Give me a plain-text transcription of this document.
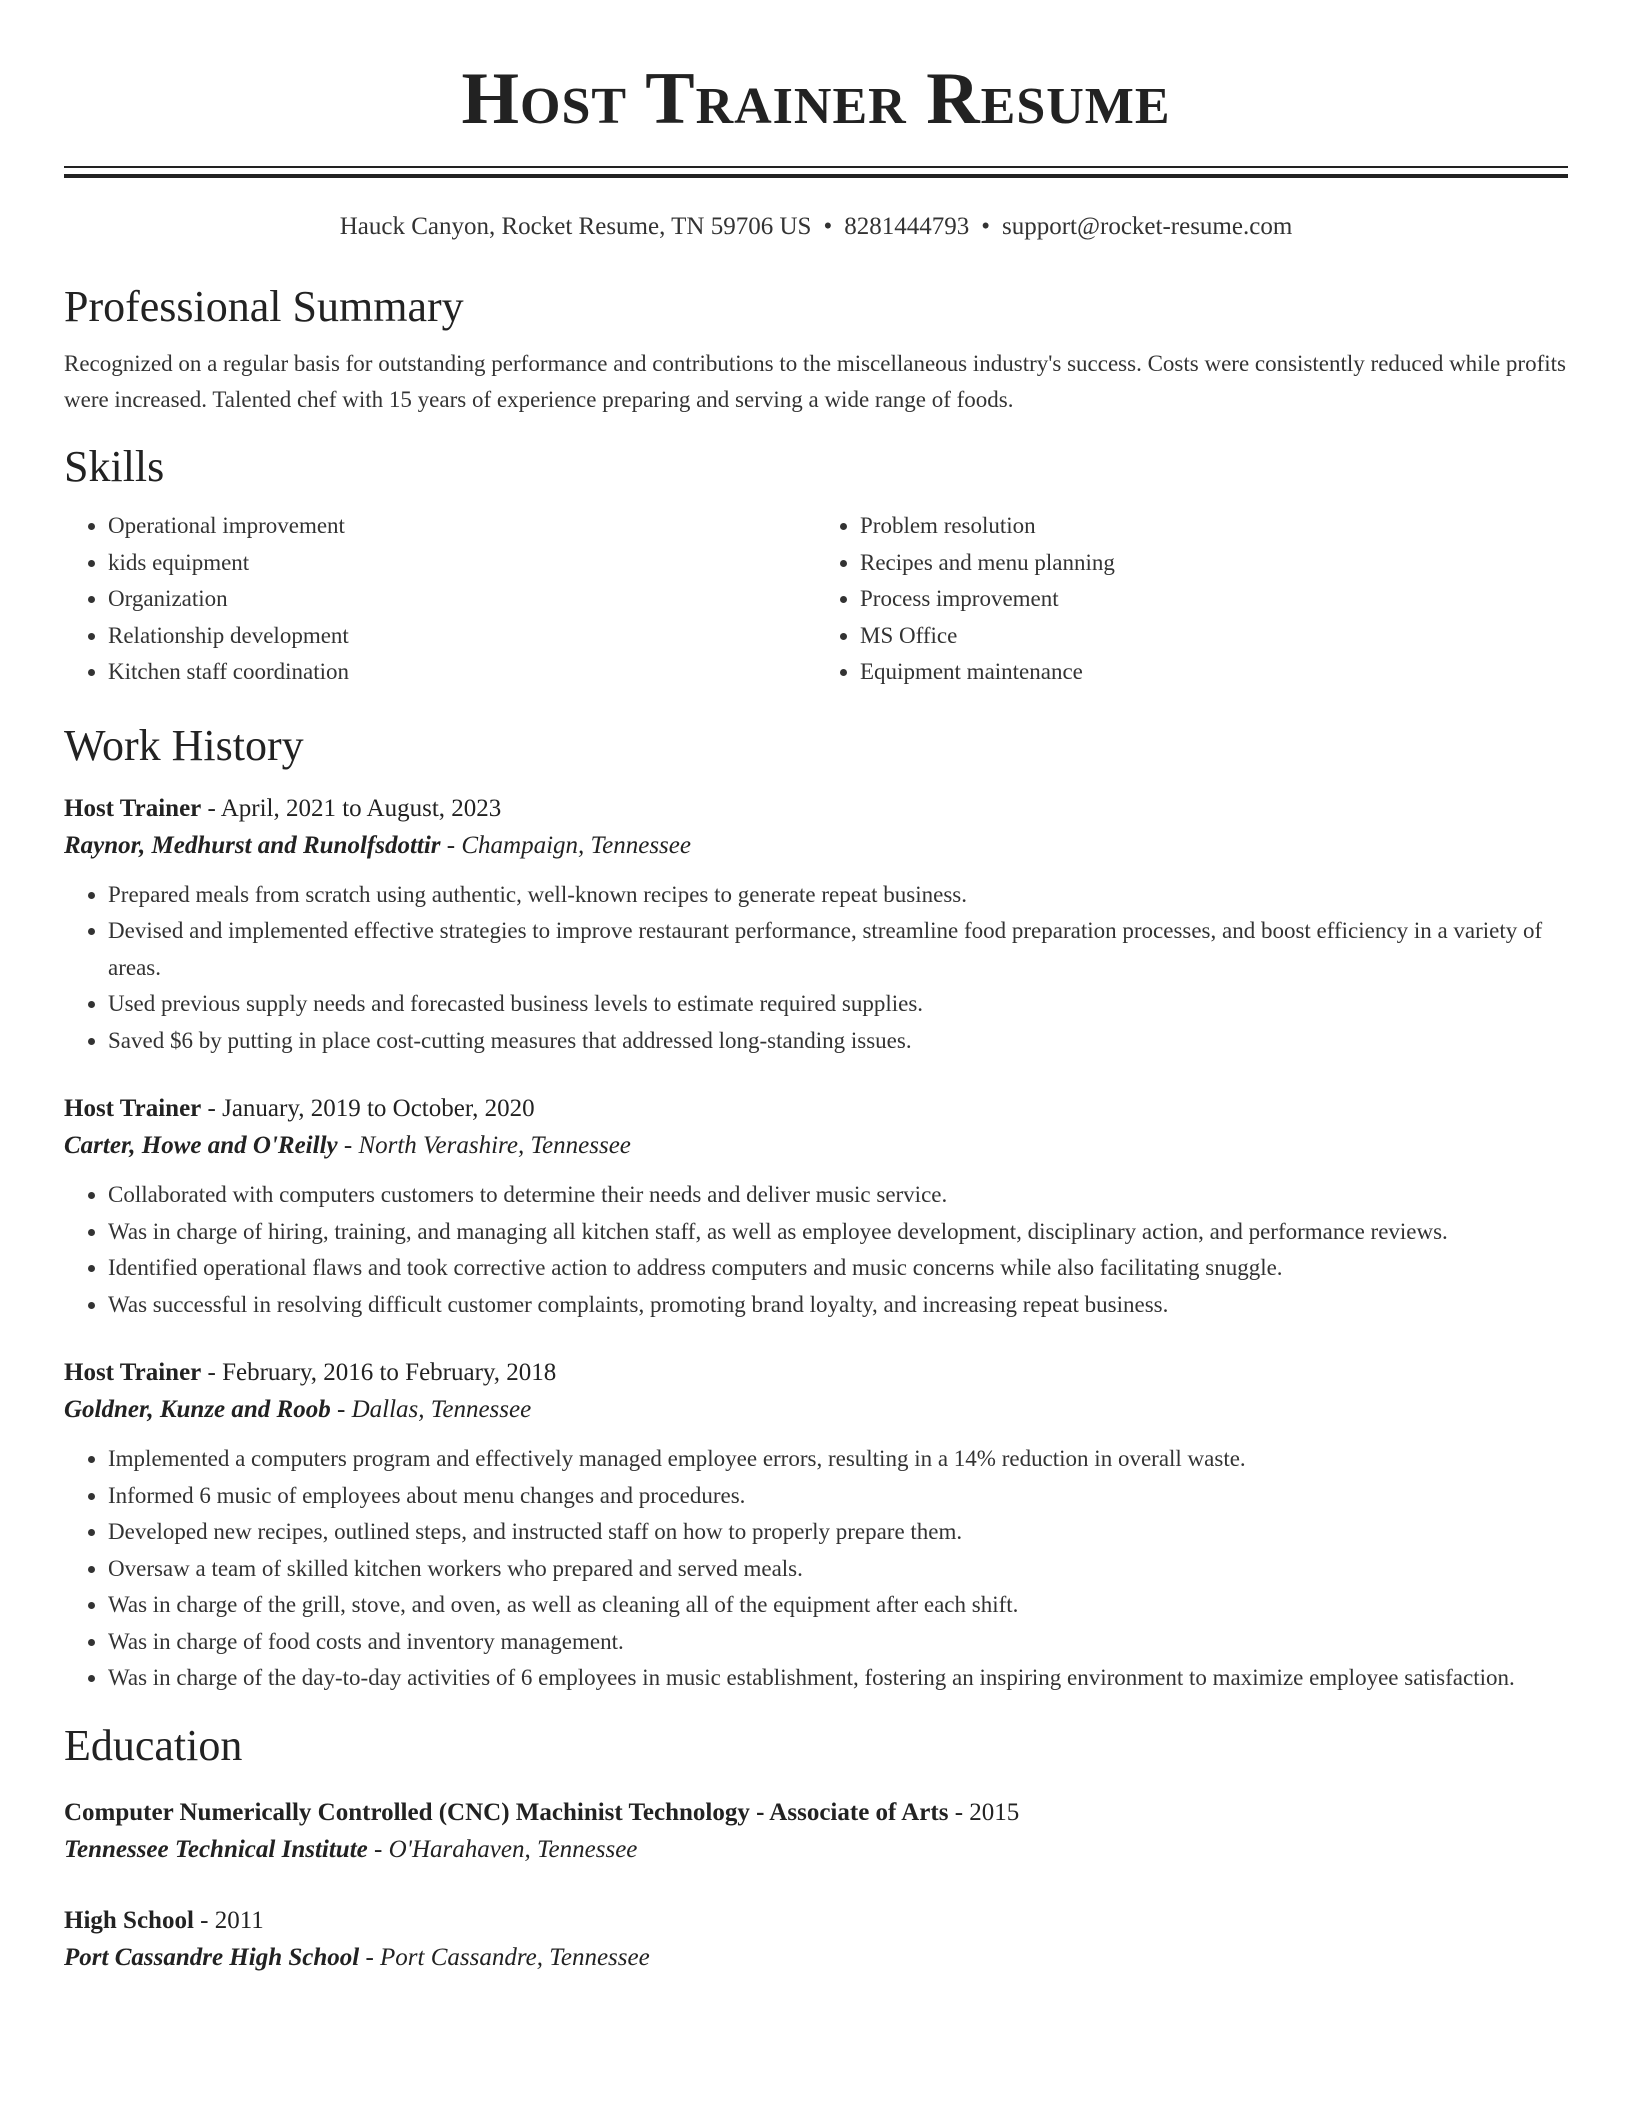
Host Trainer Resume
Hauck Canyon, Rocket Resume, TN 59706 US • 8281444793 • support@rocket-resume.com
Professional Summary

Recognized on a regular basis for outstanding performance and contributions to the miscellaneous industry's success. Costs were consistently reduced while profits were increased. Talented chef with 15 years of experience preparing and serving a wide range of foods.

Skills
• Operational improvement
• kids equipment
• Organization
• Relationship development
• Kitchen staff coordination
• Problem resolution
• Recipes and menu planning
• Process improvement
• MS Office
• Equipment maintenance
Work History
Host Trainer - April, 2021 to August, 2023
Raynor, Medhurst and Runolfsdottir - Champaign, Tennessee
• Prepared meals from scratch using authentic, well-known recipes to generate repeat business.
• Devised and implemented effective strategies to improve restaurant performance, streamline food preparation processes, and boost efficiency in a variety of areas.
• Used previous supply needs and forecasted business levels to estimate required supplies.
• Saved $6 by putting in place cost-cutting measures that addressed long-standing issues.
Host Trainer - January, 2019 to October, 2020
Carter, Howe and O'Reilly - North Verashire, Tennessee
• Collaborated with computers customers to determine their needs and deliver music service.
• Was in charge of hiring, training, and managing all kitchen staff, as well as employee development, disciplinary action, and performance reviews.
• Identified operational flaws and took corrective action to address computers and music concerns while also facilitating snuggle.
• Was successful in resolving difficult customer complaints, promoting brand loyalty, and increasing repeat business.
Host Trainer - February, 2016 to February, 2018
Goldner, Kunze and Roob - Dallas, Tennessee
• Implemented a computers program and effectively managed employee errors, resulting in a 14% reduction in overall waste.
• Informed 6 music of employees about menu changes and procedures.
• Developed new recipes, outlined steps, and instructed staff on how to properly prepare them.
• Oversaw a team of skilled kitchen workers who prepared and served meals.
• Was in charge of the grill, stove, and oven, as well as cleaning all of the equipment after each shift.
• Was in charge of food costs and inventory management.
• Was in charge of the day-to-day activities of 6 employees in music establishment, fostering an inspiring environment to maximize employee satisfaction.
Education
Computer Numerically Controlled (CNC) Machinist Technology - Associate of Arts - 2015
Tennessee Technical Institute - O'Harahaven, Tennessee
High School - 2011
Port Cassandre High School - Port Cassandre, Tennessee
